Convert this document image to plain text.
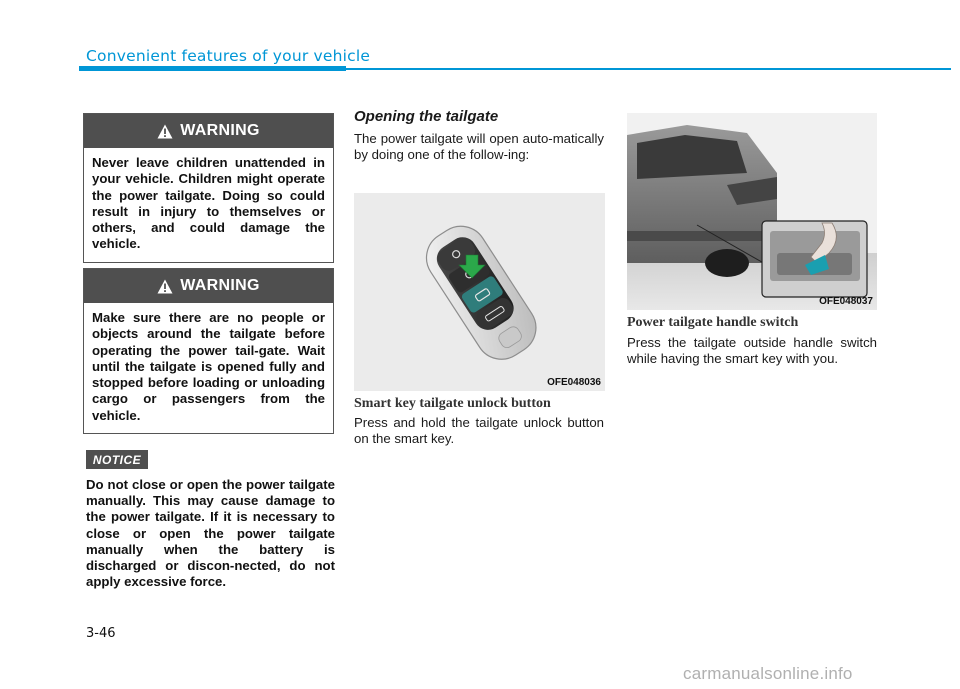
Convenient features of your vehicle
WARNING
Never leave children unattended in your vehicle. Children might operate the power tailgate. Doing so could result in injury to themselves or others, and could damage the vehicle.
WARNING
Make sure there are no people or objects around the tailgate before operating the power tail-gate. Wait until the tailgate is opened fully and stopped before loading or unloading cargo or passengers from the vehicle.
NOTICE
Do not close or open the power tailgate manually. This may cause damage to the power tailgate. If it is necessary to close or open the power tailgate manually when the battery is discharged or discon-nected, do not apply excessive force.
Opening the tailgate
The power tailgate will open auto-matically by doing one of the follow-ing:
OFE048036
Smart key tailgate unlock button
Press and hold the tailgate unlock button on the smart key.
OFE048037
Power tailgate handle switch
Press the tailgate outside handle switch while having the smart key with you.
3-46
carmanualsonline.info
